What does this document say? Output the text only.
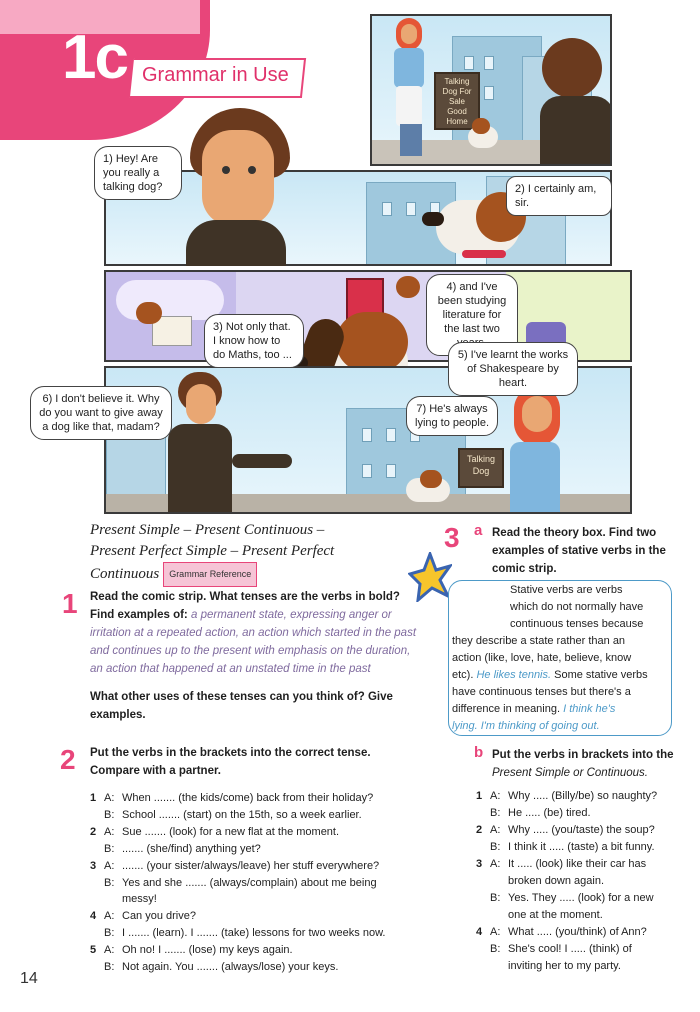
1c Grammar in Use	Talking Dog For Sale Good Home
Talking Dog
1) Hey! Are you really a talking dog?	2) I certainly am, sir.
3) Not only that. I know how to do Maths, too ...
4) and I've been studying literature for the last two
5) I've learnt the works of Shakespeare by heart.
6) I don't believe it. Why do you want to give away a dog like that, madam?
7) He's always lying to people.
Present Simple – Present Continuous –
Present Perfect Simple – Present Perfect
Continuous Grammar Reference
1 Read the comic strip. What tenses are the verbs in bold?
Find examples of: a permanent state, expressing anger or
irritation at a repeated action, an action which started in the past
and continues up to the present with emphasis on the duration,
an action that happened at an unstated time in the past
What other uses of these tenses can you think of? Give
examples.
2 Put the verbs in the brackets into the correct tense.
Compare with a partner.
1 A: When ....... (the kids/come) back from their holiday?
B: School ....... (start) on the 15th, so a week earlier.
2 A: Sue ....... (look) for a new flat at the moment.
B: ....... (she/find) anything yet?
3 A: ....... (your sister/always/leave) her stuff everywhere?
B: Yes and she ....... (always/complain) about me being
messy!
4 A: Can you drive?
B: I ....... (learn). I ....... (take) lessons for two weeks now.
5 A: Oh no! I ....... (lose) my keys again.
B: Not again. You ....... (always/lose) your keys.
3 a Read the theory box. Find two
examples of stative verbs in the
comic strip.
Stative verbs are verbs
which do not normally have
continuous tenses because
they describe a state rather than an
action (like, love, hate, believe, know
etc). He likes tennis. Some stative verbs
have continuous tenses but there's a
difference in meaning. I think he's
lying. I'm thinking of going out.
b Put the verbs in brackets into the
Present Simple or Continuous.
1 A: Why ..... (Billy/be) so naughty?
B: He ..... (be) tired.
2 A: Why ..... (you/taste) the soup?
B: I think it ..... (taste) a bit funny.
3 A: It ..... (look) like their car has
broken down again.
B: Yes. They ..... (look) for a new
one at the moment.
4 A: What ..... (you/think) of Ann?
B: She's cool! I ..... (think) of
inviting her to my party.
14
